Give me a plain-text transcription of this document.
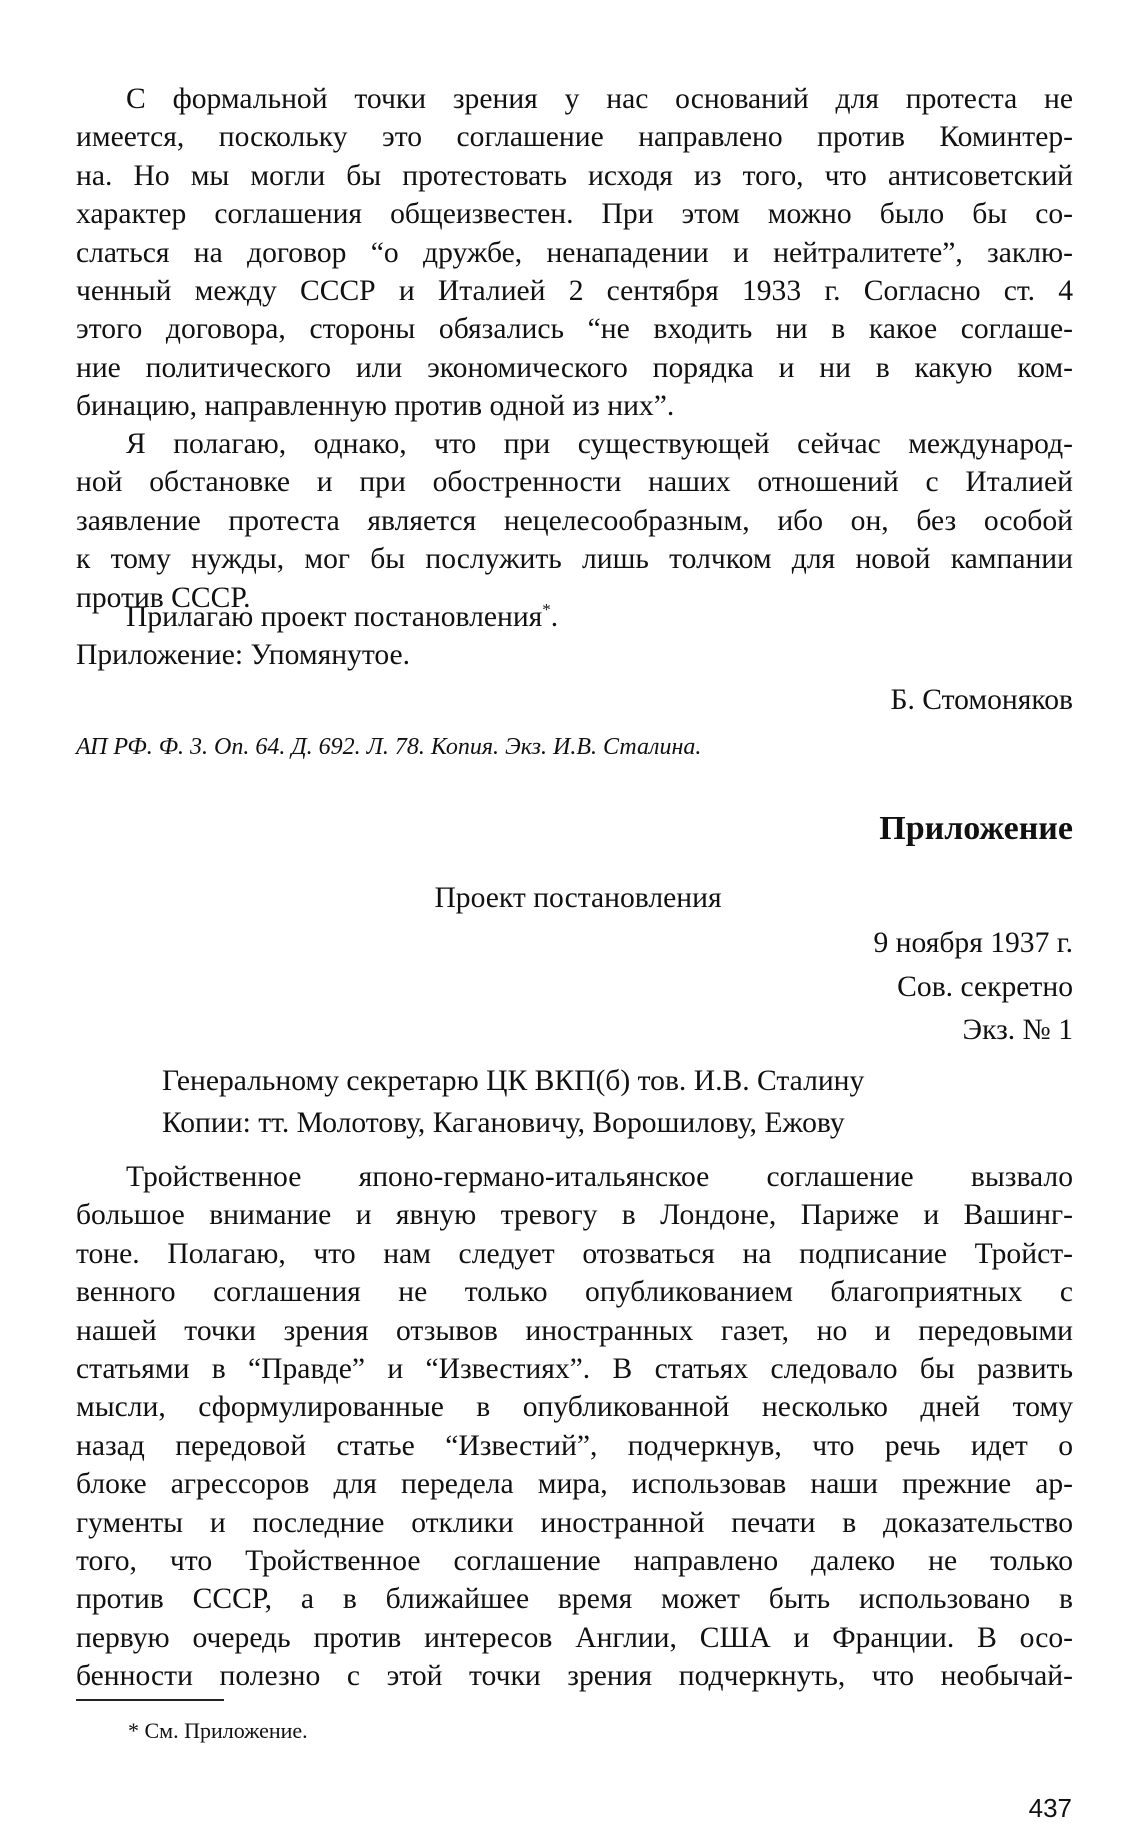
С формальной точки зрения у нас оснований для протеста не

имеется, поскольку это соглашение направлено против Коминтер-
на. Но мы могли бы протестовать исходя из того, что антисоветский
характер соглашения общеизвестен. При этом можно было бы со-
слаться на договор “о дружбе, ненападении и нейтралитете”, заклю-
ченный между СССР и Италией 2 сентября 1933 г. Согласно ст. 4
этого договора, стороны обязались “не входить ни в какое соглаше-
ние политического или экономического порядка и ни в какую ком-
бинацию, направленную против одной из них”.

Я полагаю, однако, что при существующей сейчас международ-

ной обстановке и при обостренности наших отношений с Италией
заявление протеста является нецелесообразным, ибо он, без особой
к тому нужды, мог бы послужить лишь толчком для новой кампании
против СССР.

Прилагаю проект постановления*.

Приложение: Упомянутое.

Б. Стомоняков

АП РФ. Ф. 3. Оп. 64. Д. 692. Л. 78. Копия. Экз. И.В. Сталина.

Приложение

Проект постановления

9 ноября 1937 г.

Сов. секретно

Экз. № 1

Генеральному секретарю ЦК ВКП(б) тов. И.В. Сталину

Копии: тт. Молотову, Кагановичу, Ворошилову, Ежову

Тройственное японо-германо-итальянское соглашение вызвало

большое внимание и явную тревогу в Лондоне, Париже и Вашинг-
тоне. Полагаю, что нам следует отозваться на подписание Тройст-
венного соглашения не только опубликованием благоприятных с
нашей точки зрения отзывов иностранных газет, но и передовыми
статьями в “Правде” и “Известиях”. В статьях следовало бы развить
мысли, сформулированные в опубликованной несколько дней тому
назад передовой статье “Известий”, подчеркнув, что речь идет о
блоке агрессоров для передела мира, использовав наши прежние ар-
гументы и последние отклики иностранной печати в доказательство
того, что Тройственное соглашение направлено далеко не только
против СССР, а в ближайшее время может быть использовано в
первую очередь против интересов Англии, США и Франции. В осо-
бенности полезно с этой точки зрения подчеркнуть, что необычай-

* См. Приложение.

437
